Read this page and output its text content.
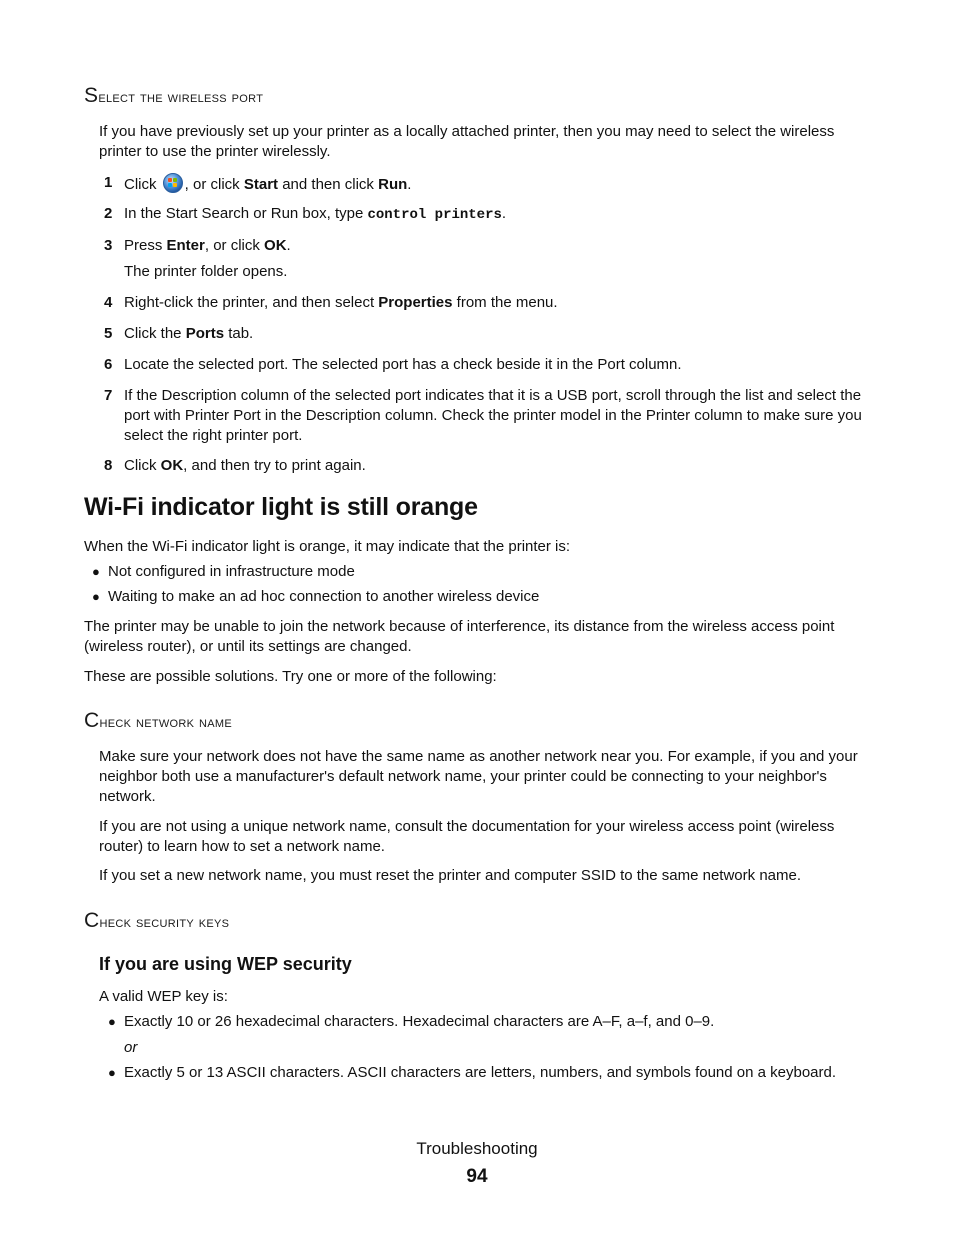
Select the wireless port

If you have previously set up your printer as a locally attached printer, then you may need to select the wireless printer to use the printer wirelessly.

1 Click
, or click Start and then click Run.
2 In the Start Search or Run box, type control printers.
3 Press Enter, or click OK.
The printer folder opens.
4 Right-click the printer, and then select Properties from the menu.
5 Click the Ports tab.
6 Locate the selected port. The selected port has a check beside it in the Port column.
7 If the Description column of the selected port indicates that it is a USB port, scroll through the list and select the port with Printer Port in the Description column. Check the printer model in the Printer column to make sure you select the right printer port.
8 Click OK, and then try to print again.
Wi-Fi indicator light is still orange

When the Wi-Fi indicator light is orange, it may indicate that the printer is:

● Not configured in infrastructure mode
● Waiting to make an ad hoc connection to another wireless device

The printer may be unable to join the network because of interference, its distance from the wireless access point (wireless router), or until its settings are changed.

These are possible solutions. Try one or more of the following:

Check network name

Make sure your network does not have the same name as another network near you. For example, if you and your neighbor both use a manufacturer's default network name, your printer could be connecting to your neighbor's network.

If you are not using a unique network name, consult the documentation for your wireless access point (wireless router) to learn how to set a network name.

If you set a new network name, you must reset the printer and computer SSID to the same network name.

Check security keys
If you are using WEP security

A valid WEP key is:

● Exactly 10 or 26 hexadecimal characters. Hexadecimal characters are A–F, a–f, and 0–9.
or
● Exactly 5 or 13 ASCII characters. ASCII characters are letters, numbers, and symbols found on a keyboard.
Troubleshooting
94
